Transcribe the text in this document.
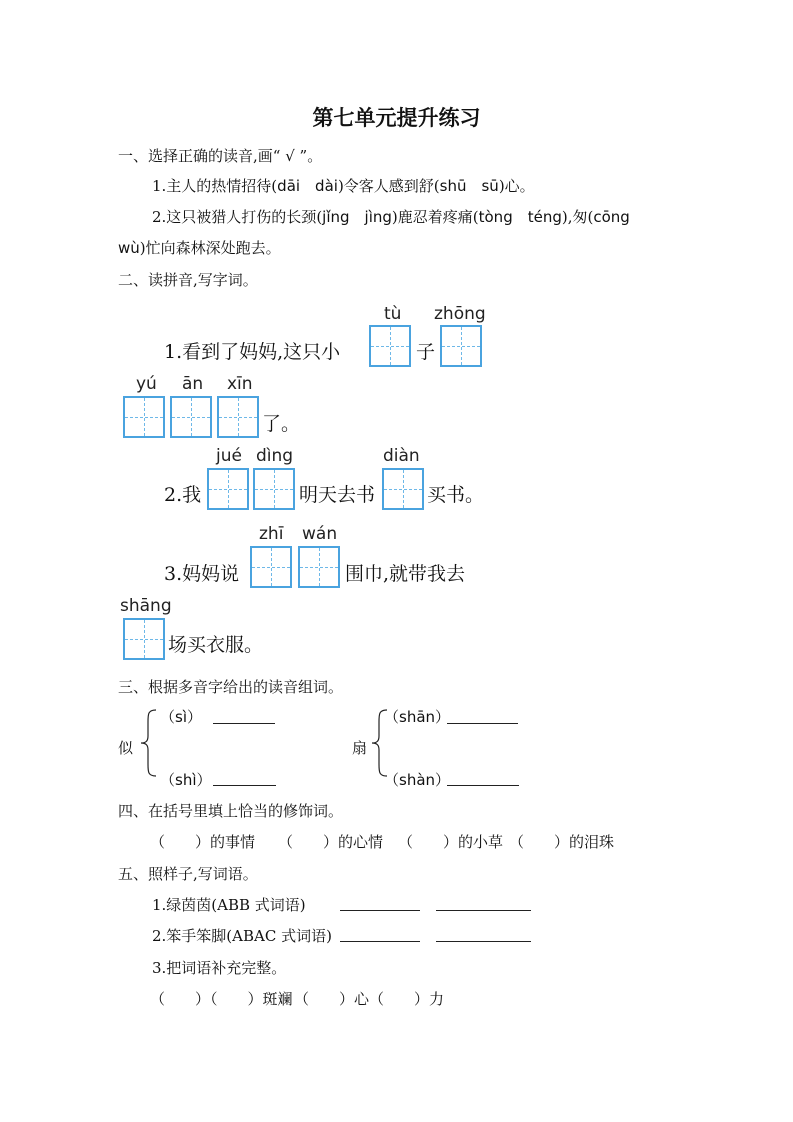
第七单元提升练习
一、选择正确的读音,画“ √ ”。
1.主人的热情招待(dāi　dài)令客人感到舒(shū　sū)心。
2.这只被猎人打伤的长颈(jǐng　jìng)鹿忍着疼痛(tòng　téng),匆(cōng
wù)忙向森林深处跑去。
二、读拼音,写字词。
tù zhōng
1.看到了妈妈,这只小	子
yú ān xīn
了。
jué dìng	diàn
2.我	明天去书	买书。
zhī wán
3.妈妈说	围巾,就带我去
shāng
场买衣服。
三、根据多音字给出的读音组词。
似
（sì）
（shì）
扇
（shān）
（shàn）
四、在括号里填上恰当的修饰词。
（　　）的事情 （　　）的心情 （　　）的小草 （　　）的泪珠
五、照样子,写词语。
1.绿茵茵(ABB 式词语)
2.笨手笨脚(ABAC 式词语)
3.把词语补充完整。
（　　）（　　）斑斓 （　　）心（　　）力
